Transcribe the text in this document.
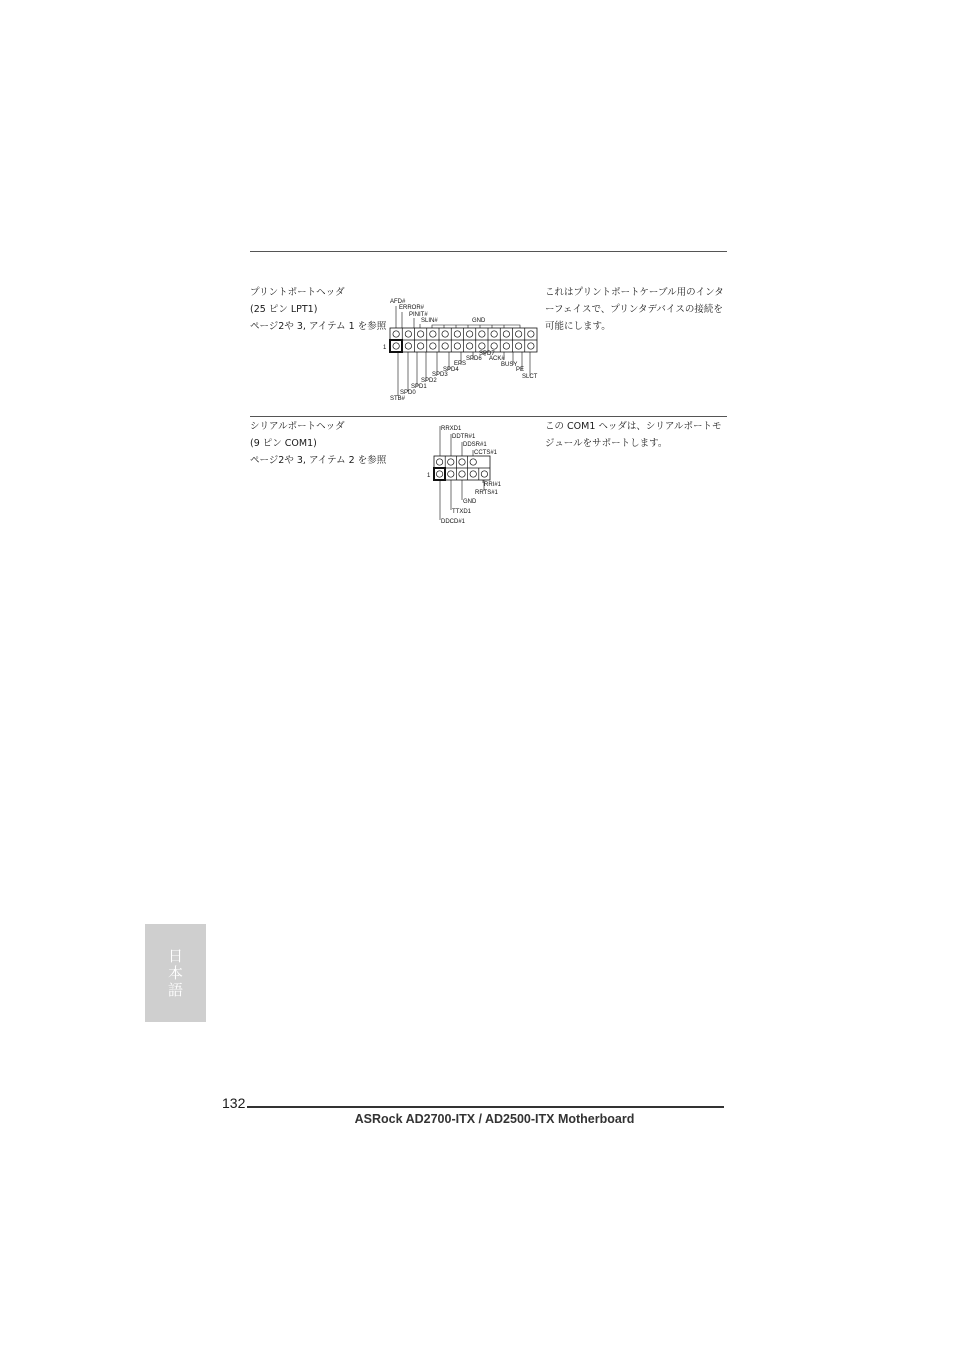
プリントポートヘッダ
(25 ピン LPT1)
ページ2や 3, アイテム 1 を参照
これはプリントポートケーブル用のインターフェイスで、プリンタデバイスの接続を可能にします。
1
AFD#
ERROR#
PINIT#
SLIN#	GND
SPD7
SPD6
EPS
SPD4
SPD3
SPD2
SPD1
SPD0
STB#
ACK#
BUSY
PE
SLCT
シリアルポートヘッダ
(9 ピン COM1)
ページ2や 3, アイテム 2 を参照
この COM1 ヘッダは、シリアルポートモジュールをサポートします。
1
RRXD1
DDTR#1
DDSR#1
CCTS#1
RRI#1
RRTS#1
GND
TTXD1
DDCD#1
日本語
132
ASRock AD2700-ITX / AD2500-ITX Motherboard
